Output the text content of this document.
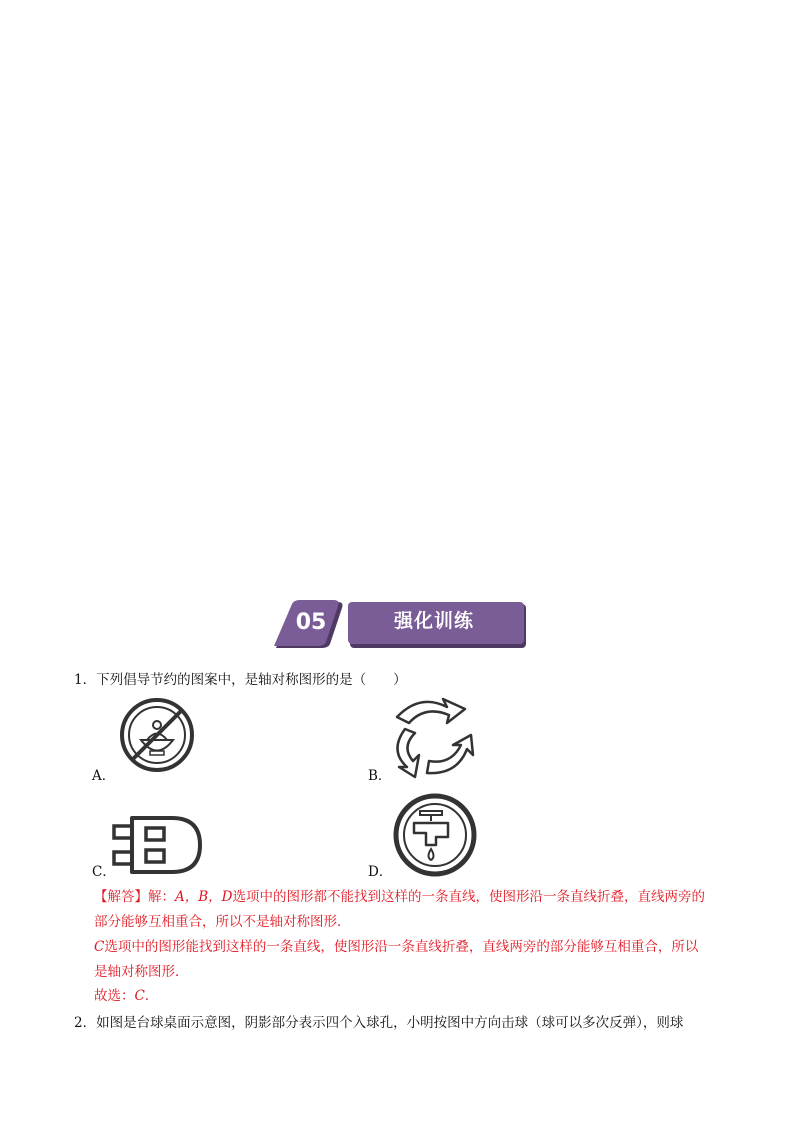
05	强化训练
1．下列倡导节约的图案中，是轴对称图形的是（　　）
A．	B．
C．	D．
【解答】解：A，B，D选项中的图形都不能找到这样的一条直线，使图形沿一条直线折叠，直线两旁的
部分能够互相重合，所以不是轴对称图形．
C选项中的图形能找到这样的一条直线，使图形沿一条直线折叠，直线两旁的部分能够互相重合，所以
是轴对称图形．
故选：C．
2．如图是台球桌面示意图，阴影部分表示四个入球孔，小明按图中方向击球（球可以多次反弹），则球
